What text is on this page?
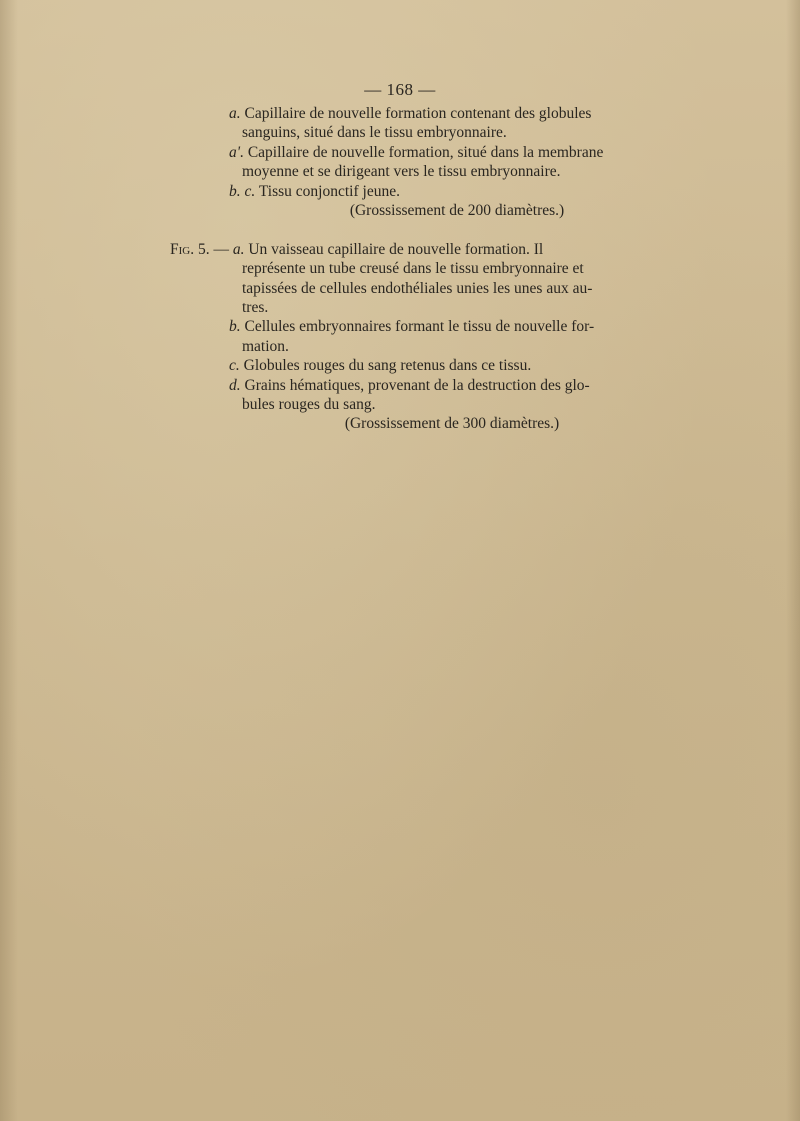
— 168 —
a. Capillaire de nouvelle formation contenant des globules
sanguins, situé dans le tissu embryonnaire.
a'. Capillaire de nouvelle formation, situé dans la membrane
moyenne et se dirigeant vers le tissu embryonnaire.
b. c. Tissu conjonctif jeune.
(Grossissement de 200 diamètres.)
Fig. 5. — a. Un vaisseau capillaire de nouvelle formation. Il
représente un tube creusé dans le tissu embryonnaire et
tapissées de cellules endothéliales unies les unes aux au-
tres.
b. Cellules embryonnaires formant le tissu de nouvelle for-
mation.
c. Globules rouges du sang retenus dans ce tissu.
d. Grains hématiques, provenant de la destruction des glo-
bules rouges du sang.
(Grossissement de 300 diamètres.)
